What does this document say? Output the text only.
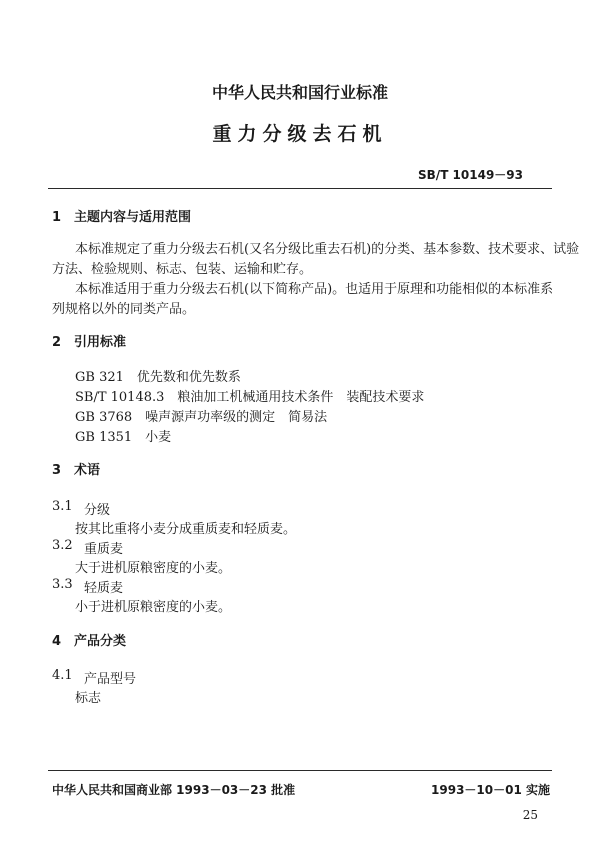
中华人民共和国行业标准
重力分级去石机
SB/T 10149－93
1　主题内容与适用范围
本标准规定了重力分级去石机(又名分级比重去石机)的分类、基本参数、技术要求、试验
方法、检验规则、标志、包装、运输和贮存。
本标准适用于重力分级去石机(以下简称产品)。也适用于原理和功能相似的本标准系
列规格以外的同类产品。
2　引用标准
GB 321　优先数和优先数系
SB/T 10148.3　粮油加工机械通用技术条件　装配技术要求
GB 3768　噪声源声功率级的测定　简易法
GB 1351　小麦
3　术语
3.1 分级
按其比重将小麦分成重质麦和轻质麦。
3.2 重质麦
大于进机原粮密度的小麦。
3.3 轻质麦
小于进机原粮密度的小麦。
4　产品分类
4.1 产品型号
标志
中华人民共和国商业部 1993－03－23 批准	1993－10－01 实施
25
